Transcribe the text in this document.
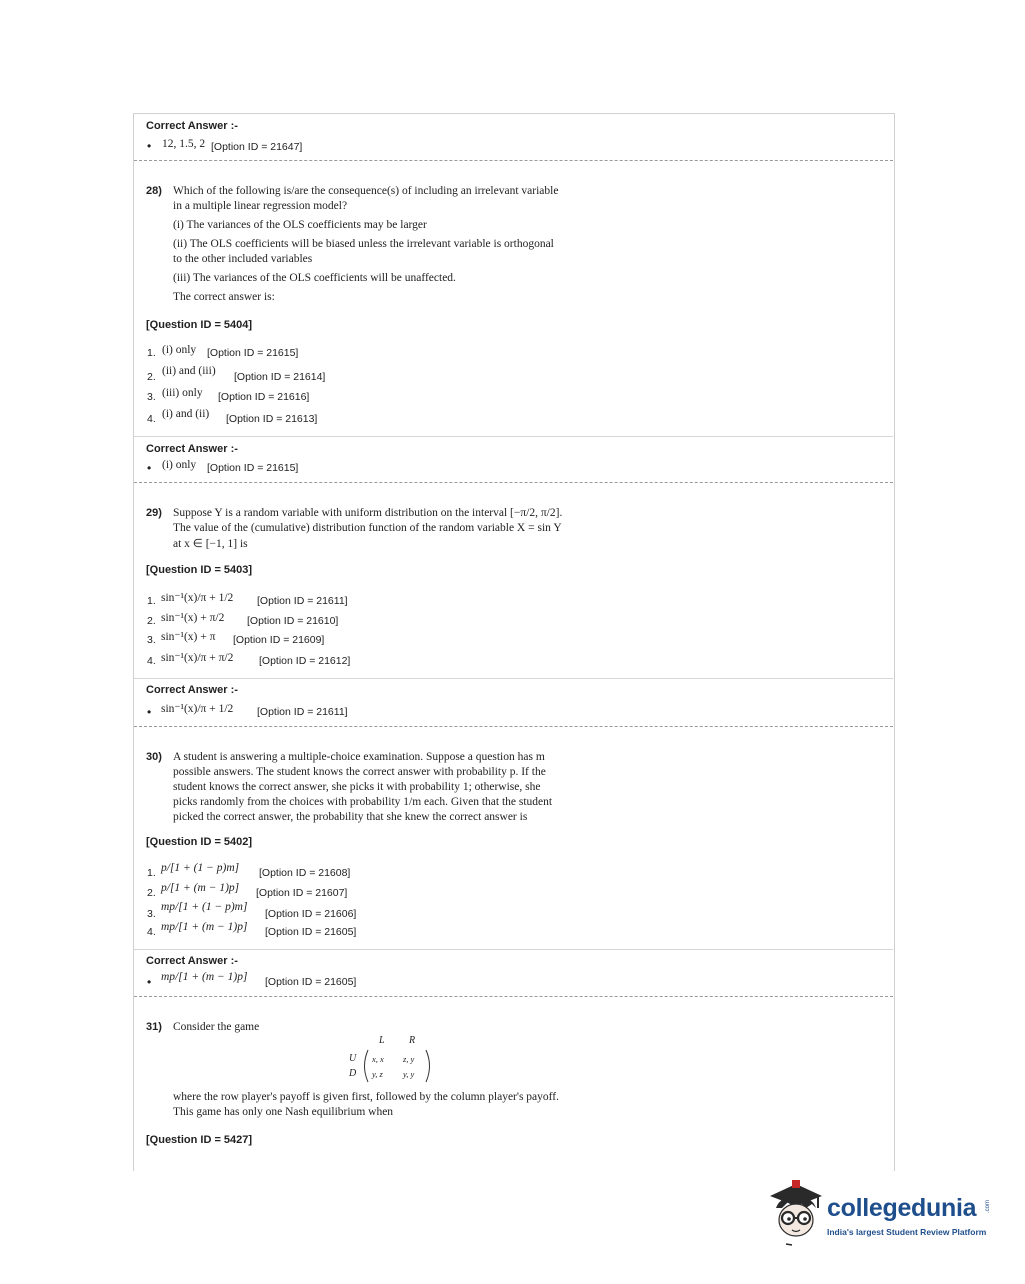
Correct Answer :-
• 12, 1.5, 2 [Option ID = 21647]
28) Which of the following is/are the consequence(s) of including an irrelevant variable
in a multiple linear regression model?
(i) The variances of the OLS coefficients may be larger
(ii) The OLS coefficients will be biased unless the irrelevant variable is orthogonal
to the other included variables
(iii) The variances of the OLS coefficients will be unaffected.
The correct answer is:
[Question ID = 5404]
1. (i) only [Option ID = 21615]
2. (ii) and (iii) [Option ID = 21614]
3. (iii) only [Option ID = 21616]
4. (i) and (ii) [Option ID = 21613]
Correct Answer :-
• (i) only [Option ID = 21615]
29) Suppose Y is a random variable with uniform distribution on the interval [−π/2, π/2].
The value of the (cumulative) distribution function of the random variable X = sin Y
at x ∈ [−1, 1] is
[Question ID = 5403]
1. sin⁻¹(x)/π + 1/2 [Option ID = 21611]
2. sin⁻¹(x) + π/2 [Option ID = 21610]
3. sin⁻¹(x) + π [Option ID = 21609]
4. sin⁻¹(x)/π + π/2 [Option ID = 21612]
Correct Answer :-
• sin⁻¹(x)/π + 1/2 [Option ID = 21611]
30) A student is answering a multiple-choice examination. Suppose a question has m
possible answers. The student knows the correct answer with probability p. If the
student knows the correct answer, she picks it with probability 1; otherwise, she
picks randomly from the choices with probability 1/m each. Given that the student
picked the correct answer, the probability that she knew the correct answer is
[Question ID = 5402]
1. p/[1 + (1 − p)m] [Option ID = 21608]
2. p/[1 + (m − 1)p] [Option ID = 21607]
3.
mp/[1 + (1 − p)m]
[Option ID = 21606]
4. mp/[1 + (m − 1)p] [Option ID = 21605]
Correct Answer :-
• mp/[1 + (m − 1)p] [Option ID = 21605]
31) Consider the game
L R
U
D
x, x z, y
y, z y, y
where the row player's payoff is given first, followed by the column player's payoff.
This game has only one Nash equilibrium when
[Question ID = 5427]
collegedunia .com
India's largest Student Review Platform
